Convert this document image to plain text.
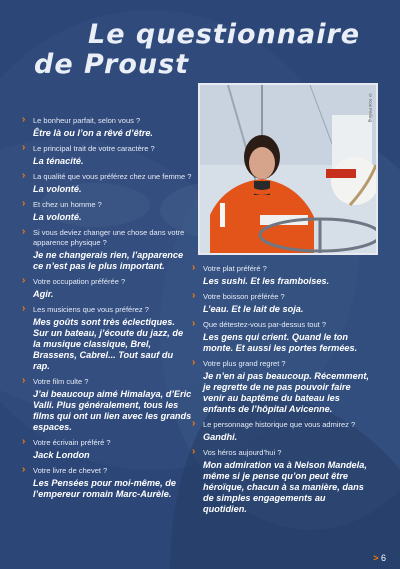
Le questionnaire
de Proust
© Kos Ferling
› Le bonheur parfait, selon vous ?
Être là ou l’on a rêvé d’être.
› Le principal trait de votre caractère ?
La ténacité.
› La qualité que vous préférez chez une femme ?
La volonté.
› Et chez un homme ?
La volonté.
› Si vous deviez changer une chose dans votre apparence physique ?
Je ne changerais rien, l’apparence ce n’est pas le plus important.
› Votre occupation préférée ?
Agir.
› Les musiciens que vous préférez ?
Mes goûts sont très éclectiques. Sur un bateau, j’écoute du jazz, de la musique classique, Brel, Brassens, Cabrel... Tout sauf du rap.
› Votre film culte ?
J’ai beaucoup aimé Himalaya, d’Eric Valli. Plus généralement, tous les films qui ont un lien avec les grands espaces.
› Votre écrivain préféré ?
Jack London
› Votre livre de chevet ?
Les Pensées pour moi-même, de l’empereur romain Marc-Aurèle.
› Votre plat préféré ?
Les sushi. Et les framboises.
› Votre boisson préférée ?
L’eau. Et le lait de soja.
› Que détestez-vous par-dessus tout ?
Les gens qui crient. Quand le ton monte. Et aussi les portes fermées.
› Votre plus grand regret ?
Je n’en ai pas beaucoup. Récemment, je regrette de ne pas pouvoir faire venir au baptême du bateau les enfants de l’hôpital Avicenne.
› Le personnage historique que vous admirez ?
Gandhi.
› Vos héros aujourd’hui ?
Mon admiration va à Nelson Mandela, même si je pense qu’on peut être héroïque, chacun à sa manière, dans de simples engagements au quotidien.
> 6
